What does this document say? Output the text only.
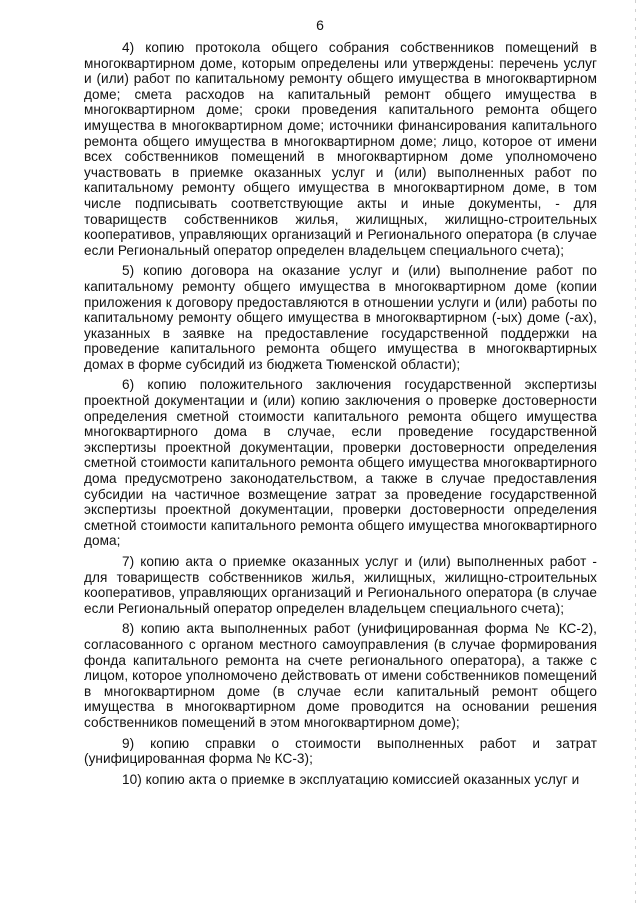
6

4) копию протокола общего собрания собственников помещений в многоквартирном доме, которым определены или утверждены: перечень услуг и (или) работ по капитальному ремонту общего имущества в многоквартирном доме; смета расходов на капитальный ремонт общего имущества в многоквартирном доме; сроки проведения капитального ремонта общего имущества в многоквартирном доме; источники финансирования капитального ремонта общего имущества в многоквартирном доме; лицо, которое от имени всех собственников помещений в многоквартирном доме уполномочено участвовать в приемке оказанных услуг и (или) выполненных работ по капитальному ремонту общего имущества в многоквартирном доме, в том числе подписывать соответствующие акты и иные документы, - для товариществ собственников жилья, жилищных, жилищно-строительных кооперативов, управляющих организаций и Регионального оператора (в случае если Региональный оператор определен владельцем специального счета);

5) копию договора на оказание услуг и (или) выполнение работ по капитальному ремонту общего имущества в многоквартирном доме (копии приложения к договору предоставляются в отношении услуги и (или) работы по капитальному ремонту общего имущества в многоквартирном (-ых) доме (-ах), указанных в заявке на предоставление государственной поддержки на проведение капитального ремонта общего имущества в многоквартирных домах в форме субсидий из бюджета Тюменской области);

6) копию положительного заключения государственной экспертизы проектной документации и (или) копию заключения о проверке достоверности определения сметной стоимости капитального ремонта общего имущества многоквартирного дома в случае, если проведение государственной экспертизы проектной документации, проверки достоверности определения сметной стоимости капитального ремонта общего имущества многоквартирного дома предусмотрено законодательством, а также в случае предоставления субсидии на частичное возмещение затрат за проведение государственной экспертизы проектной документации, проверки достоверности определения сметной стоимости капитального ремонта общего имущества многоквартирного дома;

7) копию акта о приемке оказанных услуг и (или) выполненных работ - для товариществ собственников жилья, жилищных, жилищно-строительных кооперативов, управляющих организаций и Регионального оператора (в случае если Региональный оператор определен владельцем специального счета);

8) копию акта выполненных работ (унифицированная форма № КС-2), согласованного с органом местного самоуправления (в случае формирования фонда капитального ремонта на счете регионального оператора), а также с лицом, которое уполномочено действовать от имени собственников помещений в многоквартирном доме (в случае если капитальный ремонт общего имущества в многоквартирном доме проводится на основании решения собственников помещений в этом многоквартирном доме);

9) копию справки о стоимости выполненных работ и затрат (унифицированная форма № КС-3);

10) копию акта о приемке в эксплуатацию комиссией оказанных услуг и
